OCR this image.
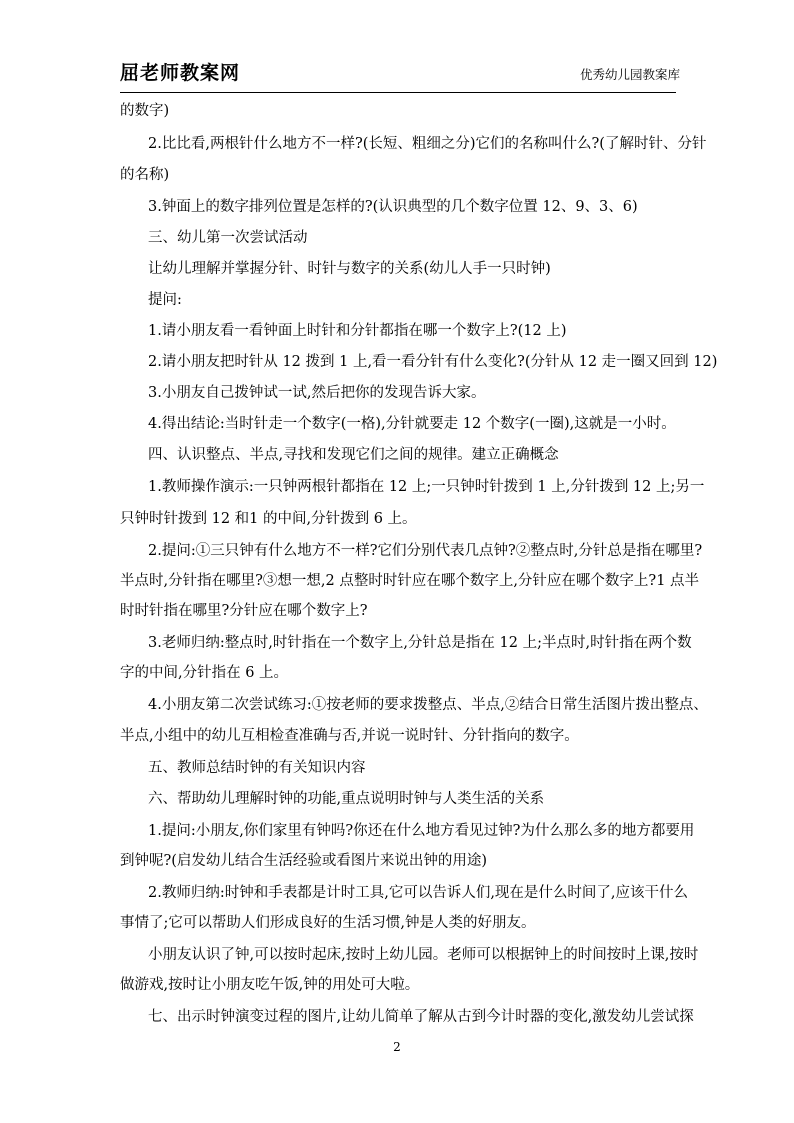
屈老师教案网	优秀幼儿园教案库
的数字)
2.比比看,两根针什么地方不一样?(长短、粗细之分)它们的名称叫什么?(了解时针、分针
的名称)
3.钟面上的数字排列位置是怎样的?(认识典型的几个数字位置 12、9、3、6)
三、幼儿第一次尝试活动
让幼儿理解并掌握分针、时针与数字的关系(幼儿人手一只时钟)
提问:
1.请小朋友看一看钟面上时针和分针都指在哪一个数字上?(12 上)
2.请小朋友把时针从 12 拨到 1 上,看一看分针有什么变化?(分针从 12 走一圈又回到 12)
3.小朋友自己拨钟试一试,然后把你的发现告诉大家。
4.得出结论:当时针走一个数字(一格),分针就要走 12 个数字(一圈),这就是一小时。
四、认识整点、半点,寻找和发现它们之间的规律。建立正确概念
1.教师操作演示:一只钟两根针都指在 12 上;一只钟时针拨到 1 上,分针拨到 12 上;另一
只钟时针拨到 12 和1 的中间,分针拨到 6 上。
2.提问:①三只钟有什么地方不一样?它们分别代表几点钟?②整点时,分针总是指在哪里?
半点时,分针指在哪里?③想一想,2 点整时时针应在哪个数字上,分针应在哪个数字上?1 点半
时时针指在哪里?分针应在哪个数字上?
3.老师归纳:整点时,时针指在一个数字上,分针总是指在 12 上;半点时,时针指在两个数
字的中间,分针指在 6 上。
4.小朋友第二次尝试练习:①按老师的要求拨整点、半点,②结合日常生活图片拨出整点、
半点,小组中的幼儿互相检查准确与否,并说一说时针、分针指向的数字。
五、教师总结时钟的有关知识内容
六、帮助幼儿理解时钟的功能,重点说明时钟与人类生活的关系
1.提问:小朋友,你们家里有钟吗?你还在什么地方看见过钟?为什么那么多的地方都要用
到钟呢?(启发幼儿结合生活经验或看图片来说出钟的用途)
2.教师归纳:时钟和手表都是计时工具,它可以告诉人们,现在是什么时间了,应该干什么
事情了;它可以帮助人们形成良好的生活习惯,钟是人类的好朋友。
小朋友认识了钟,可以按时起床,按时上幼儿园。老师可以根据钟上的时间按时上课,按时
做游戏,按时让小朋友吃午饭,钟的用处可大啦。
七、出示时钟演变过程的图片,让幼儿简单了解从古到今计时器的变化,激发幼儿尝试探
2
